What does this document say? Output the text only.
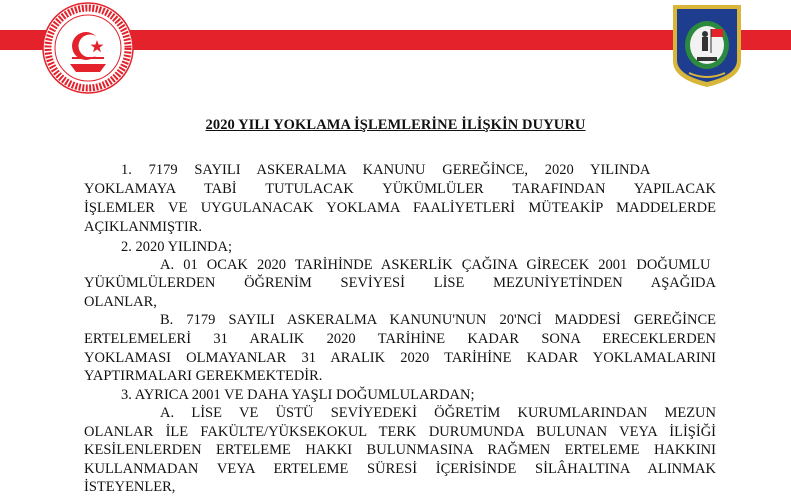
2020 YILI YOKLAMA İŞLEMLERİNE İLİŞKİN DUYURU
1. 7179 SAYILI ASKERALMA KANUNU GEREĞİNCE, 2020 YILINDA
YOKLAMAYA TABİ TUTULACAK YÜKÜMLÜLER TARAFINDAN YAPILACAK
İŞLEMLER VE UYGULANACAK YOKLAMA FAALİYETLERİ MÜTEAKİP MADDELERDE
AÇIKLANMIŞTIR.
2. 2020 YILINDA;
A. 01 OCAK 2020 TARİHİNDE ASKERLİK ÇAĞINA GİRECEK 2001 DOĞUMLU
YÜKÜMLÜLERDEN ÖĞRENİM SEVİYESİ LİSE MEZUNİYETİNDEN AŞAĞIDA
OLANLAR,
B. 7179 SAYILI ASKERALMA KANUNU'NUN 20'NCİ MADDESİ GEREĞİNCE
ERTELEMELERİ 31 ARALIK 2020 TARİHİNE KADAR SONA ERECEKLERDEN
YOKLAMASI OLMAYANLAR 31 ARALIK 2020 TARİHİNE KADAR YOKLAMALARINI
YAPTIRMALARI GEREKMEKTEDİR.
3. AYRICA 2001 VE DAHA YAŞLI DOĞUMLULARDAN;
A. LİSE VE ÜSTÜ SEVİYEDEKİ ÖĞRETİM KURUMLARINDAN MEZUN
OLANLAR İLE FAKÜLTE/YÜKSEKOKUL TERK DURUMUNDA BULUNAN VEYA İLİŞİĞİ
KESİLENLERDEN ERTELEME HAKKI BULUNMASINA RAĞMEN ERTELEME HAKKINI
KULLANMADAN VEYA ERTELEME SÜRESİ İÇERİSİNDE SİLÂHALTINA ALINMAK
İSTEYENLER,
